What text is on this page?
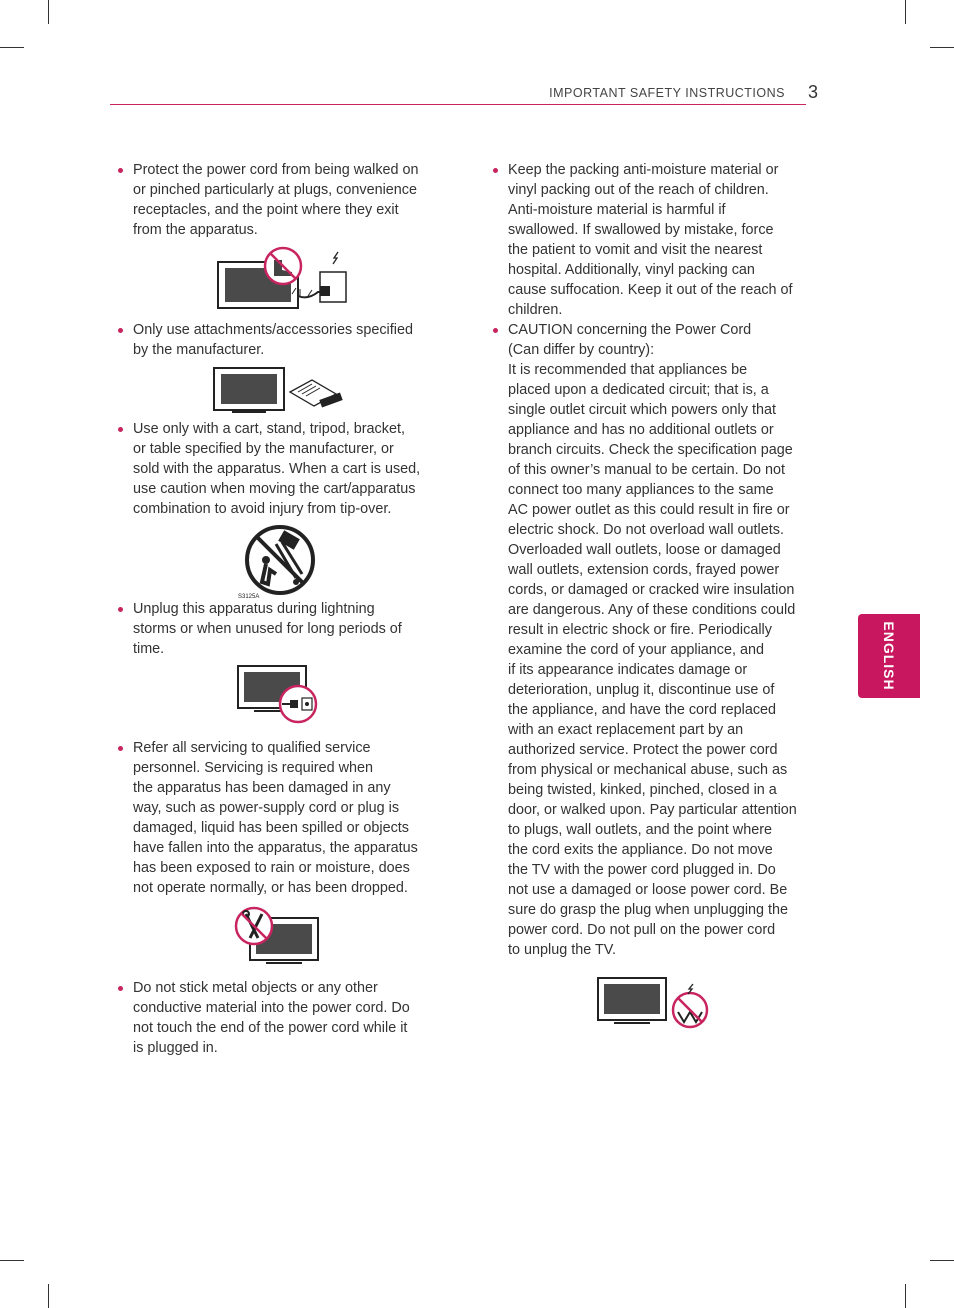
IMPORTANT SAFETY INSTRUCTIONS 3
ENGLISH

Protect the power cord from being walked on
or pinched particularly at plugs, convenience
receptacles, and the point where they exit
from the apparatus.

Only use attachments/accessories specified
by the manufacturer.

Use only with a cart, stand, tripod, bracket,
or table specified by the manufacturer, or
sold with the apparatus. When a cart is used,
use caution when moving the cart/apparatus
combination to avoid injury from tip-over.

S3125A

Unplug this apparatus during lightning
storms or when unused for long periods of
time.

Refer all servicing to qualified service
personnel. Servicing is required when
the apparatus has been damaged in any
way, such as power-supply cord or plug is
damaged, liquid has been spilled or objects
have fallen into the apparatus, the apparatus
has been exposed to rain or moisture, does
not operate normally, or has been dropped.

Do not stick metal objects or any other
conductive material into the power cord. Do
not touch the end of the power cord while it
is plugged in.

Keep the packing anti-moisture material or
vinyl packing out of the reach of children.
Anti-moisture material is harmful if
swallowed. If swallowed by mistake, force
the patient to vomit and visit the nearest
hospital. Additionally, vinyl packing can
cause suffocation. Keep it out of the reach of
children.

CAUTION concerning the Power Cord
(Can differ by country):
It is recommended that appliances be
placed upon a dedicated circuit; that is, a
single outlet circuit which powers only that
appliance and has no additional outlets or
branch circuits. Check the specification page
of this owner’s manual to be certain. Do not
connect too many appliances to the same
AC power outlet as this could result in fire or
electric shock. Do not overload wall outlets.
Overloaded wall outlets, loose or damaged
wall outlets, extension cords, frayed power
cords, or damaged or cracked wire insulation
are dangerous. Any of these conditions could
result in electric shock or fire. Periodically
examine the cord of your appliance, and
if its appearance indicates damage or
deterioration, unplug it, discontinue use of
the appliance, and have the cord replaced
with an exact replacement part by an
authorized service. Protect the power cord
from physical or mechanical abuse, such as
being twisted, kinked, pinched, closed in a
door, or walked upon. Pay particular attention
to plugs, wall outlets, and the point where
the cord exits the appliance. Do not move
the TV with the power cord plugged in. Do
not use a damaged or loose power cord. Be
sure do grasp the plug when unplugging the
power cord. Do not pull on the power cord
to unplug the TV.
